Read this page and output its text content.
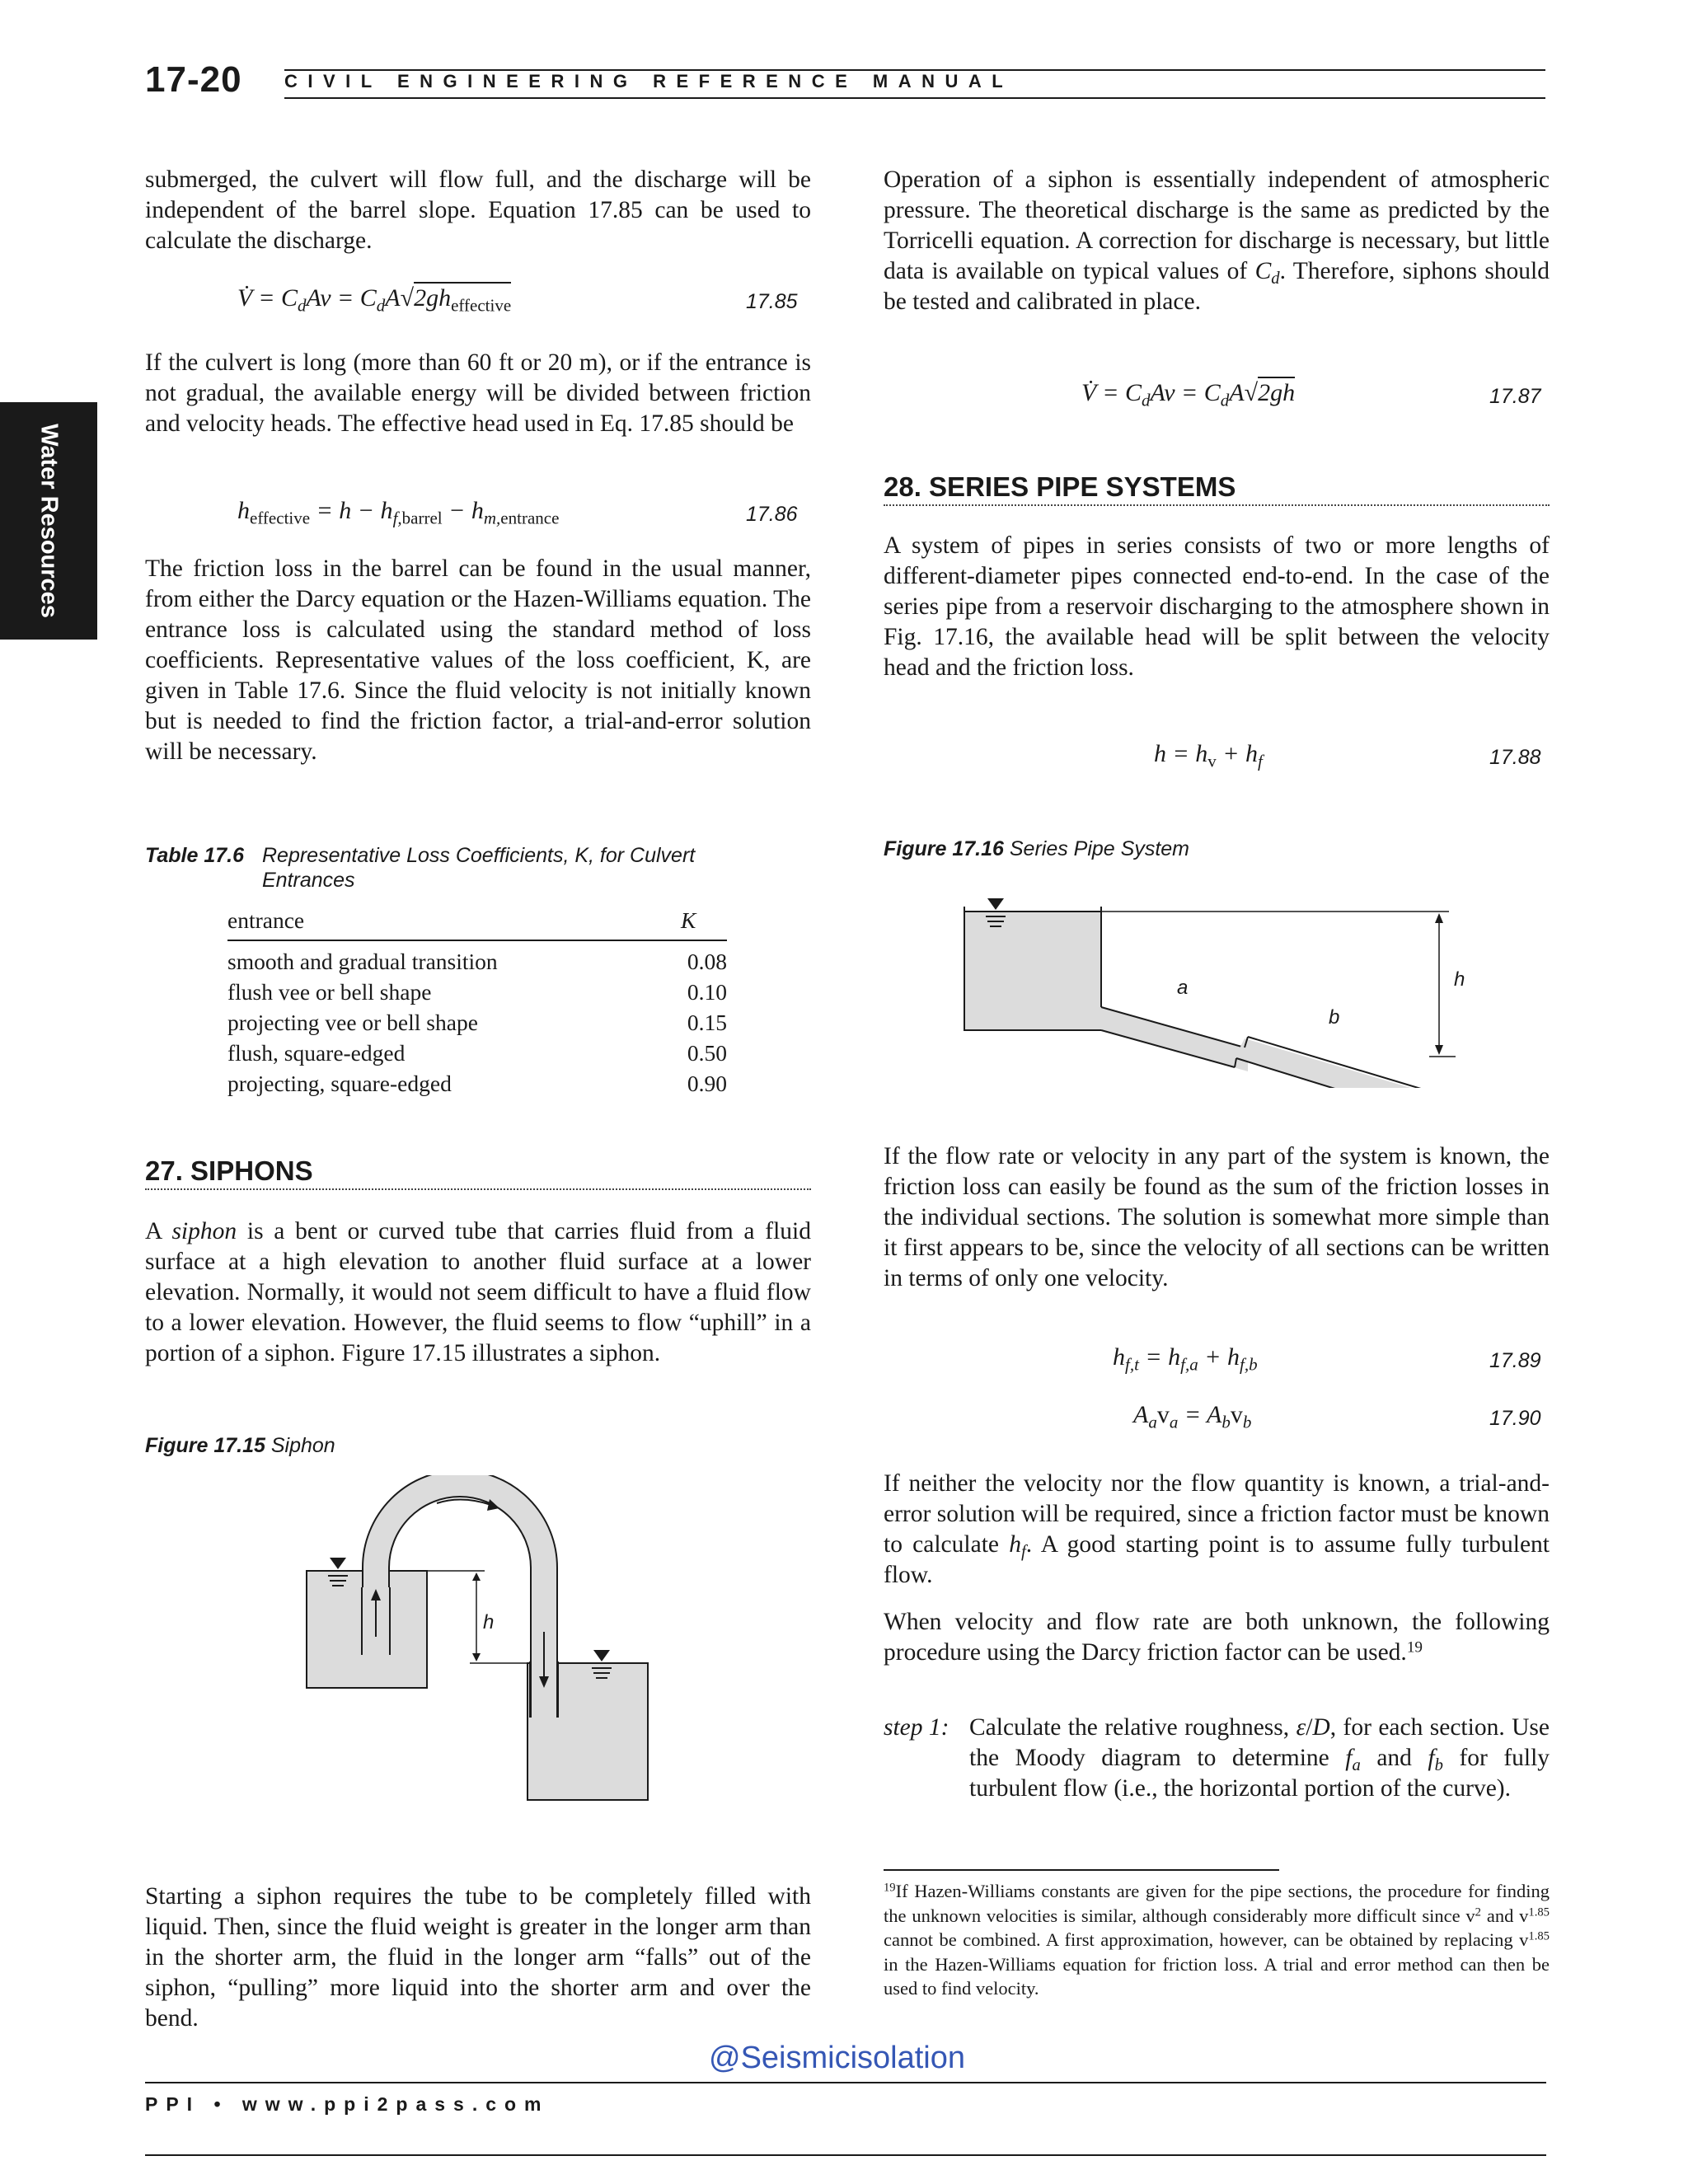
17-20 CIVIL ENGINEERING REFERENCE MANUAL
Water Resources
submerged, the culvert will flow full, and the discharge will be independent of the barrel slope. Equation 17.85 can be used to calculate the discharge.
V̇ = $C_dAv = C_dA√2gh_{effective}$	17.85
If the culvert is long (more than 60 ft or 20 m), or if the entrance is not gradual, the available energy will be divided between friction and velocity heads. The effective head used in Eq. 17.85 should be
$h_{effective} = h - h_{f,barrel} - h_{m,entrance}$	17.86
The friction loss in the barrel can be found in the usual manner, from either the Darcy equation or the Hazen-Williams equation. The entrance loss is calculated using the standard method of loss coefficients. Representative values of the loss coefficient, K, are given in Table 17.6. Since the fluid velocity is not initially known but is needed to find the friction factor, a trial-and-error solution will be necessary.
Table 17.6 Representative Loss Coefficients, K, for Culvert
Entrances
entrance	K
smooth and gradual transition	0.08
flush vee or bell shape	0.10
projecting vee or bell shape	0.15
flush, square-edged	0.50
projecting, square-edged	0.90
27. SIPHONS
A siphon is a bent or curved tube that carries fluid from a fluid surface at a high elevation to another fluid surface at a lower elevation. Normally, it would not seem difficult to have a fluid flow to a lower elevation. However, the fluid seems to flow “uphill” in a portion of a siphon. Figure 17.15 illustrates a siphon.
Figure 17.15 Siphon
h
Starting a siphon requires the tube to be completely filled with liquid. Then, since the fluid weight is greater in the longer arm than in the shorter arm, the fluid in the longer arm “falls” out of the siphon, “pulling” more liquid into the shorter arm and over the bend.
Operation of a siphon is essentially independent of atmospheric pressure. The theoretical discharge is the same as predicted by the Torricelli equation. A correction for discharge is necessary, but little data is available on typical values of $C_d$. Therefore, siphons should be tested and calibrated in place.
V̇ = $C_dAv = C_dA√2gh$	17.87
28. SERIES PIPE SYSTEMS
A system of pipes in series consists of two or more lengths of different-diameter pipes connected end-to-end. In the case of the series pipe from a reservoir discharging to the atmosphere shown in Fig. 17.16, the available head will be split between the velocity head and the friction loss.
$h = h_v + h_f$	17.88
Figure 17.16 Series Pipe System
a
b
h
If the flow rate or velocity in any part of the system is known, the friction loss can easily be found as the sum of the friction losses in the individual sections. The solution is somewhat more simple than it first appears to be, since the velocity of all sections can be written in terms of only one velocity.
$h_{f,t} = h_{f,a} + h_{f,b}$	17.89
$A_av_a = A_bv_b$	17.90
If neither the velocity nor the flow quantity is known, a trial-and-error solution will be required, since a friction factor must be known to calculate $h_f$. A good starting point is to assume fully turbulent flow.
When velocity and flow rate are both unknown, the following procedure using the Darcy friction factor can be used.$^{19}$
step 1: Calculate the relative roughness, ε/D, for each section. Use the Moody diagram to determine $f_a$ and $f_b$ for fully turbulent flow (i.e., the horizontal portion of the curve).
$^{19}$If Hazen-Williams constants are given for the pipe sections, the procedure for finding the unknown velocities is similar, although considerably more difficult since $v^2$ and $v^{1.85}$ cannot be combined. A first approximation, however, can be obtained by replacing $v^{1.85}$ in the Hazen-Williams equation for friction loss. A trial and error method can then be used to find velocity.
@Seismicisolation
PPI • www.ppi2pass.com
